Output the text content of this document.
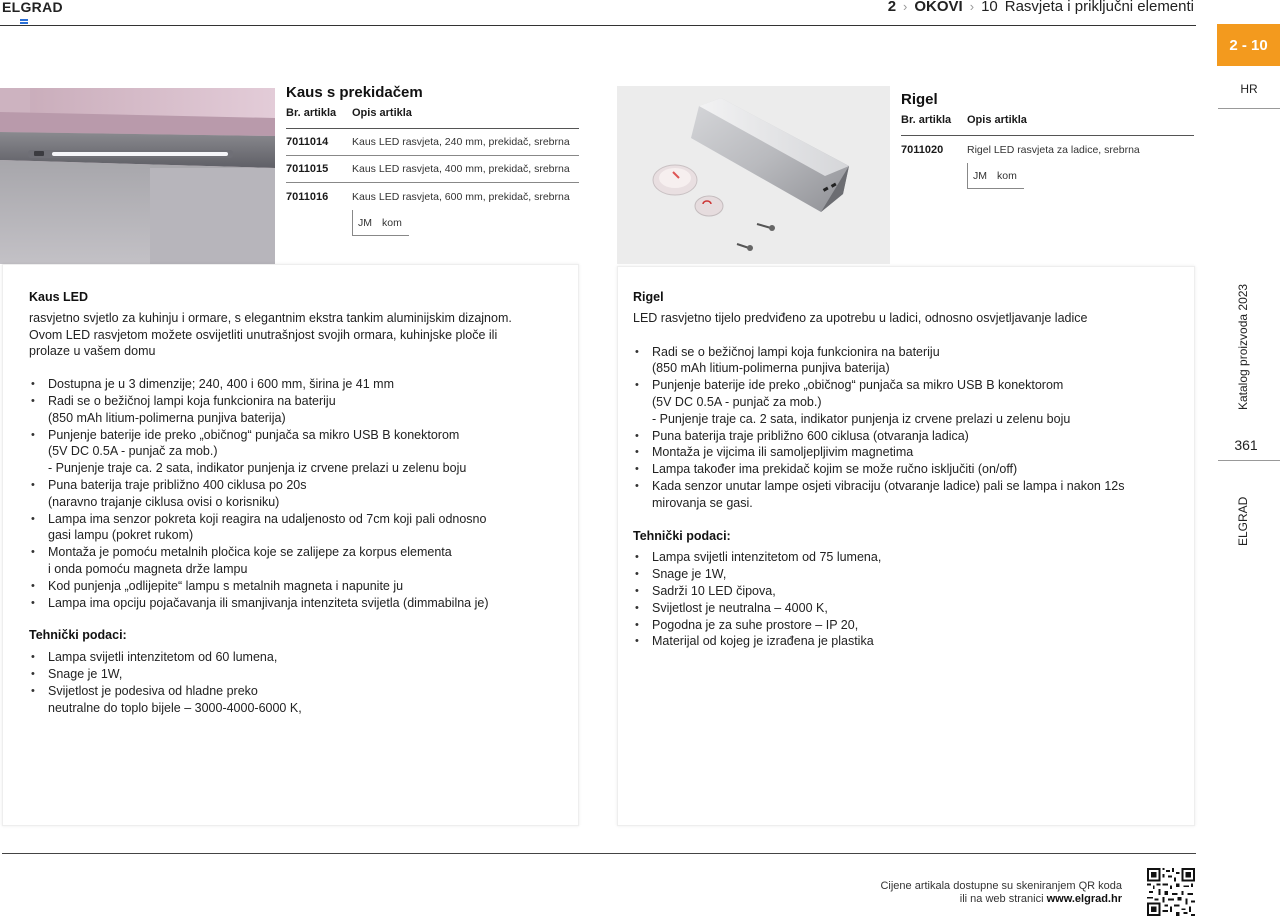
ELGRAD	2 › OKOVI › 10 Rasvjeta i priključni elementi
2 - 10
HR
Katalog proizvoda 2023
361
ELGRAD
Kaus s prekidačem
Br. artikla	Opis artikla
7011014	Kaus LED rasvjeta, 240 mm, prekidač, srebrna
7011015	Kaus LED rasvjeta, 400 mm, prekidač, srebrna
7011016	Kaus LED rasvjeta, 600 mm, prekidač, srebrna
JM kom
Rigel
Br. artikla	Opis artikla
7011020	Rigel LED rasvjeta za ladice, srebrna
JM kom
Kaus LED

rasvjetno svjetlo za kuhinju i ormare, s elegantnim ekstra tankim aluminijskim dizajnom.

Ovom LED rasvjetom možete osvijetliti unutrašnjost svojih ormara, kuhinjske ploče ili

prolaze u vašem domu

• Dostupna je u 3 dimenzije; 240, 400 i 600 mm, širina je 41 mm
• Radi se o bežičnoj lampi koja funkcionira na bateriju
(850 mAh litium-polimerna punjiva baterija)
• Punjenje baterije ide preko „običnog“ punjača sa mikro USB B konektorom
(5V DC 0.5A - punjač za mob.)
- Punjenje traje ca. 2 sata, indikator punjenja iz crvene prelazi u zelenu boju
• Puna baterija traje približno 400 ciklusa po 20s
(naravno trajanje ciklusa ovisi o korisniku)
• Lampa ima senzor pokreta koji reagira na udaljenosto od 7cm koji pali odnosno
gasi lampu (pokret rukom)
• Montaža je pomoću metalnih pločica koje se zalijepe za korpus elementa
i onda pomoću magneta drže lampu
• Kod punjenja „odlijepite“ lampu s metalnih magneta i napunite ju
• Lampa ima opciju pojačavanja ili smanjivanja intenziteta svijetla (dimmabilna je)
Tehnički podaci:
• Lampa svijetli intenzitetom od 60 lumena,
• Snage je 1W,
• Svijetlost je podesiva od hladne preko
neutralne do toplo bijele – 3000-4000-6000 K,
Rigel

LED rasvjetno tijelo predviđeno za upotrebu u ladici, odnosno osvjetljavanje ladice

• Radi se o bežičnoj lampi koja funkcionira na bateriju
(850 mAh litium-polimerna punjiva baterija)
• Punjenje baterije ide preko „običnog“ punjača sa mikro USB B konektorom
(5V DC 0.5A - punjač za mob.)
- Punjenje traje ca. 2 sata, indikator punjenja iz crvene prelazi u zelenu boju
• Puna baterija traje približno 600 ciklusa (otvaranja ladica)
• Montaža je vijcima ili samoljepljivim magnetima
• Lampa također ima prekidač kojim se može ručno isključiti (on/off)
• Kada senzor unutar lampe osjeti vibraciju (otvaranje ladice) pali se lampa i nakon 12s
mirovanja se gasi.
Tehnički podaci:
• Lampa svijetli intenzitetom od 75 lumena,
• Snage je 1W,
• Sadrži 10 LED čipova,
• Svijetlost je neutralna – 4000 K,
• Pogodna je za suhe prostore – IP 20,
• Materijal od kojeg je izrađena je plastika
Cijene artikala dostupne su skeniranjem QR koda
ili na web stranici www.elgrad.hr
